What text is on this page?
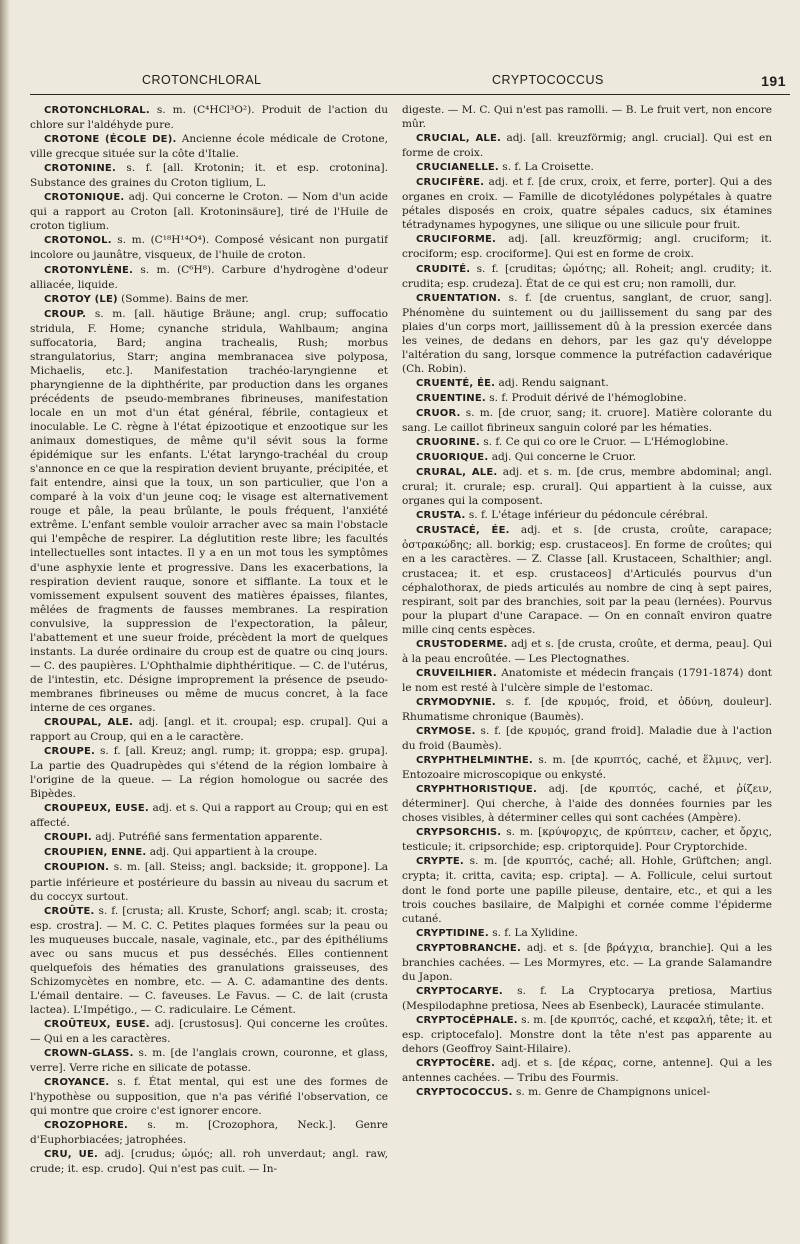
CROTONCHLORAL	CRYPTOCOCCUS	191

CROTONCHLORAL. s. m. (C⁴HCl³O²). Produit de l'action du chlore sur l'aldéhyde pure.

CROTONE (ÉCOLE DE). Ancienne école médicale de Crotone, ville grecque située sur la côte d'Italie.

CROTONINE. s. f. [all. Krotonin; it. et esp. crotonina]. Substance des graines du Croton tiglium, L.

CROTONIQUE. adj. Qui concerne le Croton. — Nom d'un acide qui a rapport au Croton [all. Krotoninsäure], tiré de l'Huile de croton tiglium.

CROTONOL. s. m. (C¹⁸H¹⁴O⁴). Composé vésicant non purgatif incolore ou jaunâtre, visqueux, de l'huile de croton.

CROTONYLÈNE. s. m. (C⁶H⁸). Carbure d'hydrogène d'odeur alliacée, liquide.

CROTOY (LE) (Somme). Bains de mer.

CROUP. s. m. [all. häutige Bräune; angl. crup; suffocatio stridula, F. Home; cynanche stridula, Wahlbaum; angina suffocatoria, Bard; angina trachealis, Rush; morbus strangulatorius, Starr; angina membranacea sive polyposa, Michaelis, etc.]. Manifestation trachéo-laryngienne et pharyngienne de la diphthérite, par production dans les organes précédents de pseudo-membranes fibrineuses, manifestation locale en un mot d'un état général, fébrile, contagieux et inoculable. Le C. règne à l'état épizootique et enzootique sur les animaux domestiques, de même qu'il sévit sous la forme épidémique sur les enfants. L'état laryngo-trachéal du croup s'annonce en ce que la respiration devient bruyante, précipitée, et fait entendre, ainsi que la toux, un son particulier, que l'on a comparé à la voix d'un jeune coq; le visage est alternativement rouge et pâle, la peau brûlante, le pouls fréquent, l'anxiété extrême. L'enfant semble vouloir arracher avec sa main l'obstacle qui l'empêche de respirer. La déglutition reste libre; les facultés intellectuelles sont intactes. Il y a en un mot tous les symptômes d'une asphyxie lente et progressive. Dans les exacerbations, la respiration devient rauque, sonore et sifflante. La toux et le vomissement expulsent souvent des matières épaisses, filantes, mêlées de fragments de fausses membranes. La respiration convulsive, la suppression de l'expectoration, la pâleur, l'abattement et une sueur froide, précèdent la mort de quelques instants. La durée ordinaire du croup est de quatre ou cinq jours. — C. des paupières. L'Ophthalmie diphthéritique. — C. de l'utérus, de l'intestin, etc. Désigne improprement la présence de pseudo-membranes fibrineuses ou même de mucus concret, à la face interne de ces organes.

CROUPAL, ALE. adj. [angl. et it. croupal; esp. crupal]. Qui a rapport au Croup, qui en a le caractère.

CROUPE. s. f. [all. Kreuz; angl. rump; it. groppa; esp. grupa]. La partie des Quadrupèdes qui s'étend de la région lombaire à l'origine de la queue. — La région homologue ou sacrée des Bipèdes.

CROUPEUX, EUSE. adj. et s. Qui a rapport au Croup; qui en est affecté.

CROUPI. adj. Putréfié sans fermentation apparente.

CROUPIEN, ENNE. adj. Qui appartient à la croupe.

CROUPION. s. m. [all. Steiss; angl. backside; it. groppone]. La partie inférieure et postérieure du bassin au niveau du sacrum et du coccyx surtout.

CROÛTE. s. f. [crusta; all. Kruste, Schorf; angl. scab; it. crosta; esp. crostra]. — M. C. C. Petites plaques formées sur la peau ou les muqueuses buccale, nasale, vaginale, etc., par des épithéliums avec ou sans mucus et pus desséchés. Elles contiennent quelquefois des hématies des granulations graisseuses, des Schizomycètes en nombre, etc. — A. C. adamantine des dents. L'émail dentaire. — C. faveuses. Le Favus. — C. de lait (crusta lactea). L'Impétigo., — C. radiculaire. Le Cément.

CROÛTEUX, EUSE. adj. [crustosus]. Qui concerne les croûtes. — Qui en a les caractères.

CROWN-GLASS. s. m. [de l'anglais crown, couronne, et glass, verre]. Verre riche en silicate de potasse.

CROYANCE. s. f. État mental, qui est une des formes de l'hypothèse ou supposition, que n'a pas vérifié l'observation, ce qui montre que croire c'est ignorer encore.

CROZOPHORE. s. m. [Crozophora, Neck.]. Genre d'Euphorbiacées; jatrophées.

CRU, UE. adj. [crudus; ὠμός; all. roh unverdaut; angl. raw, crude; it. esp. crudo]. Qui n'est pas cuit. — In-

digeste. — M. C. Qui n'est pas ramolli. — B. Le fruit vert, non encore mûr.

CRUCIAL, ALE. adj. [all. kreuzförmig; angl. crucial]. Qui est en forme de croix.

CRUCIANELLE. s. f. La Croisette.

CRUCIFÈRE. adj. et f. [de crux, croix, et ferre, porter]. Qui a des organes en croix. — Famille de dicotylédones polypétales à quatre pétales disposés en croix, quatre sépales caducs, six étamines tétradynames hypogynes, une silique ou une silicule pour fruit.

CRUCIFORME. adj. [all. kreuzförmig; angl. cruciform; it. crociform; esp. crociforme]. Qui est en forme de croix.

CRUDITÉ. s. f. [cruditas; ὠμότης; all. Roheit; angl. crudity; it. crudita; esp. crudeza]. État de ce qui est cru; non ramolli, dur.

CRUENTATION. s. f. [de cruentus, sanglant, de cruor, sang]. Phénomène du suintement ou du jaillissement du sang par des plaies d'un corps mort, jaillissement dû à la pression exercée dans les veines, de dedans en dehors, par les gaz qu'y développe l'altération du sang, lorsque commence la putréfaction cadavérique (Ch. Robin).

CRUENTÉ, ÉE. adj. Rendu saignant.

CRUENTINE. s. f. Produit dérivé de l'hémoglobine.

CRUOR. s. m. [de cruor, sang; it. cruore]. Matière colorante du sang. Le caillot fibrineux sanguin coloré par les hématies.

CRUORINE. s. f. Ce qui co ore le Cruor. — L'Hémoglobine.

CRUORIQUE. adj. Qui concerne le Cruor.

CRURAL, ALE. adj. et s. m. [de crus, membre abdominal; angl. crural; it. crurale; esp. crural]. Qui appartient à la cuisse, aux organes qui la composent.

CRUSTA. s. f. L'étage inférieur du pédoncule cérébral.

CRUSTACÉ, ÉE. adj. et s. [de crusta, croûte, carapace; ὀστρακώδης; all. borkig; esp. crustaceos]. En forme de croûtes; qui en a les caractères. — Z. Classe [all. Krustaceen, Schalthier; angl. crustacea; it. et esp. crustaceos] d'Articulés pourvus d'un céphalothorax, de pieds articulés au nombre de cinq à sept paires, respirant, soit par des branchies, soit par la peau (lernées). Pourvus pour la plupart d'une Carapace. — On en connaît environ quatre mille cinq cents espèces.

CRUSTODERME. adj et s. [de crusta, croûte, et derma, peau]. Qui à la peau encroûtée. — Les Plectognathes.

CRUVEILHIER. Anatomiste et médecin français (1791-1874) dont le nom est resté à l'ulcère simple de l'estomac.

CRYMODYNIE. s. f. [de κρυμός, froid, et ὀδύνη, douleur]. Rhumatisme chronique (Baumès).

CRYMOSE. s. f. [de κρυμός, grand froid]. Maladie due à l'action du froid (Baumès).

CRYPHTHELMINTHE. s. m. [de κρυπτός, caché, et ἕλμινς, ver]. Entozoaire microscopique ou enkysté.

CRYPHTHORISTIQUE. adj. [de κρυπτός, caché, et ῥίζειν, déterminer]. Qui cherche, à l'aide des données fournies par les choses visibles, à déterminer celles qui sont cachées (Ampère).

CRYPSORCHIS. s. m. [κρύψορχις, de κρύπτειν, cacher, et ὄρχις, testicule; it. cripsorchide; esp. criptorquide]. Pour Cryptorchide.

CRYPTE. s. m. [de κρυπτός, caché; all. Hohle, Grüftchen; angl. crypta; it. critta, cavita; esp. cripta]. — A. Follicule, celui surtout dont le fond porte une papille pileuse, dentaire, etc., et qui a les trois couches basilaire, de Malpighi et cornée comme l'épiderme cutané.

CRYPTIDINE. s. f. La Xylidine.

CRYPTOBRANCHE. adj. et s. [de βράγχια, branchie]. Qui a les branchies cachées. — Les Mormyres, etc. — La grande Salamandre du Japon.

CRYPTOCARYE. s. f. La Cryptocarya pretiosa, Martius (Mespilodaphne pretiosa, Nees ab Esenbeck), Lauracée stimulante.

CRYPTOCÉPHALE. s. m. [de κρυπτός, caché, et κεφαλή, tête; it. et esp. criptocefalo]. Monstre dont la tête n'est pas apparente au dehors (Geoffroy Saint-Hilaire).

CRYPTOCÈRE. adj. et s. [de κέρας, corne, antenne]. Qui a les antennes cachées. — Tribu des Fourmis.

CRYPTOCOCCUS. s. m. Genre de Champignons unicel-
